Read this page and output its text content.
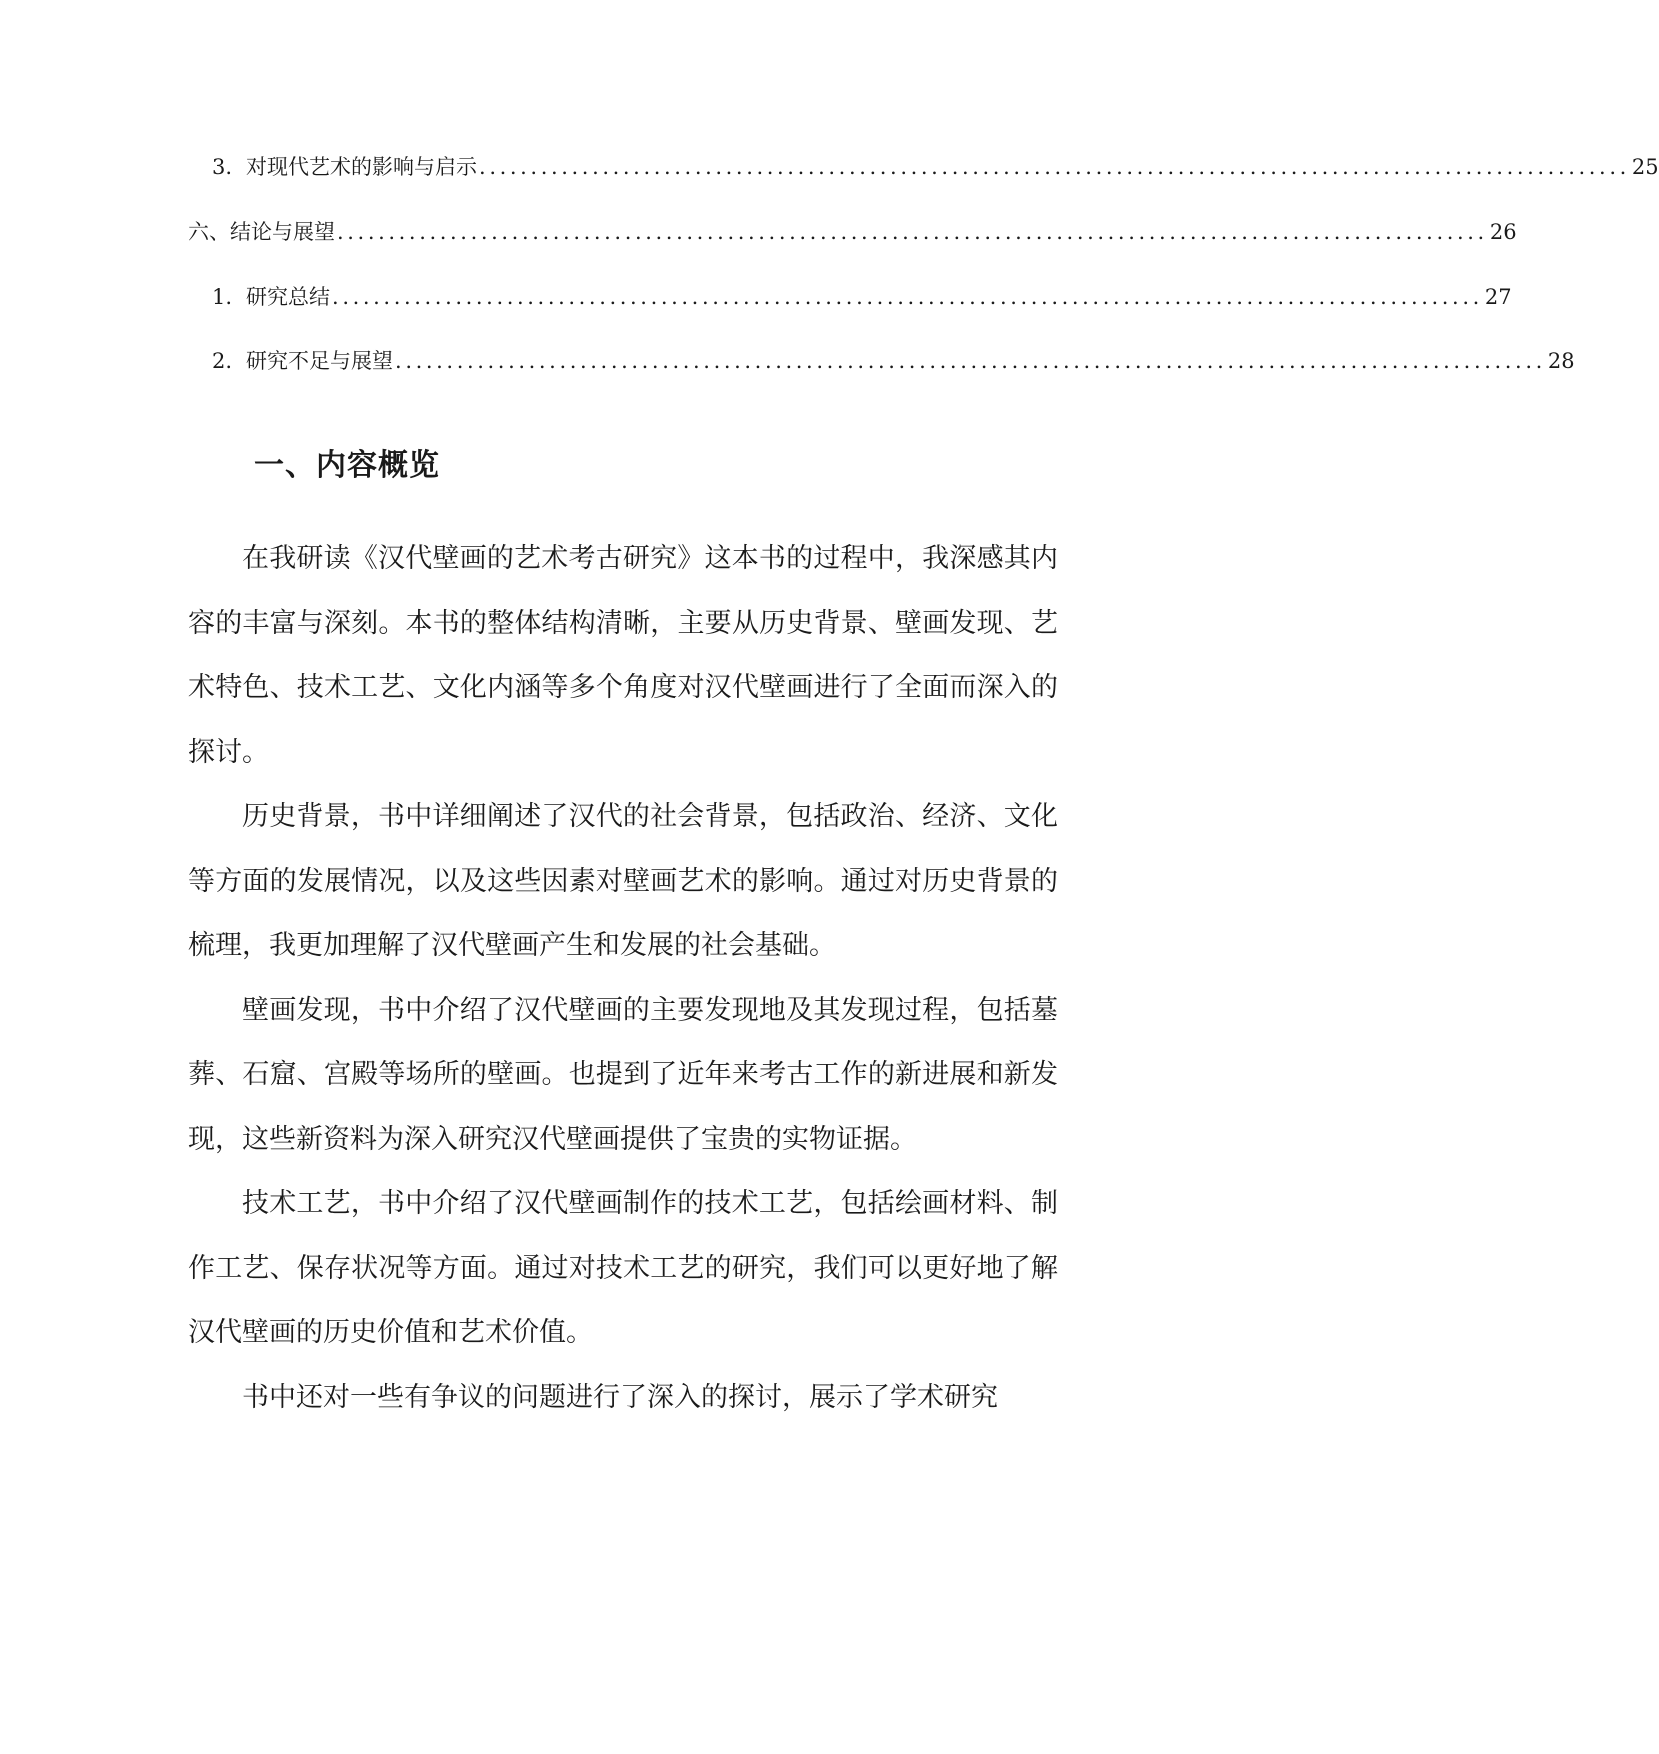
3. 对现代艺术的影响与启示 ................................................................................................................ 25
六、结论与展望 ................................................................................................................ 26
1. 研究总结 ................................................................................................................ 27
2. 研究不足与展望 ................................................................................................................ 28
一、内容概览

在我研读《汉代壁画的艺术考古研究》这本书的过程中，我深感其内容的丰富与深刻。本书的整体结构清晰，主要从历史背景、壁画发现、艺术特色、技术工艺、文化内涵等多个角度对汉代壁画进行了全面而深入的探讨。

历史背景，书中详细阐述了汉代的社会背景，包括政治、经济、文化等方面的发展情况，以及这些因素对壁画艺术的影响。通过对历史背景的梳理，我更加理解了汉代壁画产生和发展的社会基础。

壁画发现，书中介绍了汉代壁画的主要发现地及其发现过程，包括墓葬、石窟、宫殿等场所的壁画。也提到了近年来考古工作的新进展和新发现，这些新资料为深入研究汉代壁画提供了宝贵的实物证据。

技术工艺，书中介绍了汉代壁画制作的技术工艺，包括绘画材料、制作工艺、保存状况等方面。通过对技术工艺的研究，我们可以更好地了解汉代壁画的历史价值和艺术价值。

书中还对一些有争议的问题进行了深入的探讨，展示了学术研究
